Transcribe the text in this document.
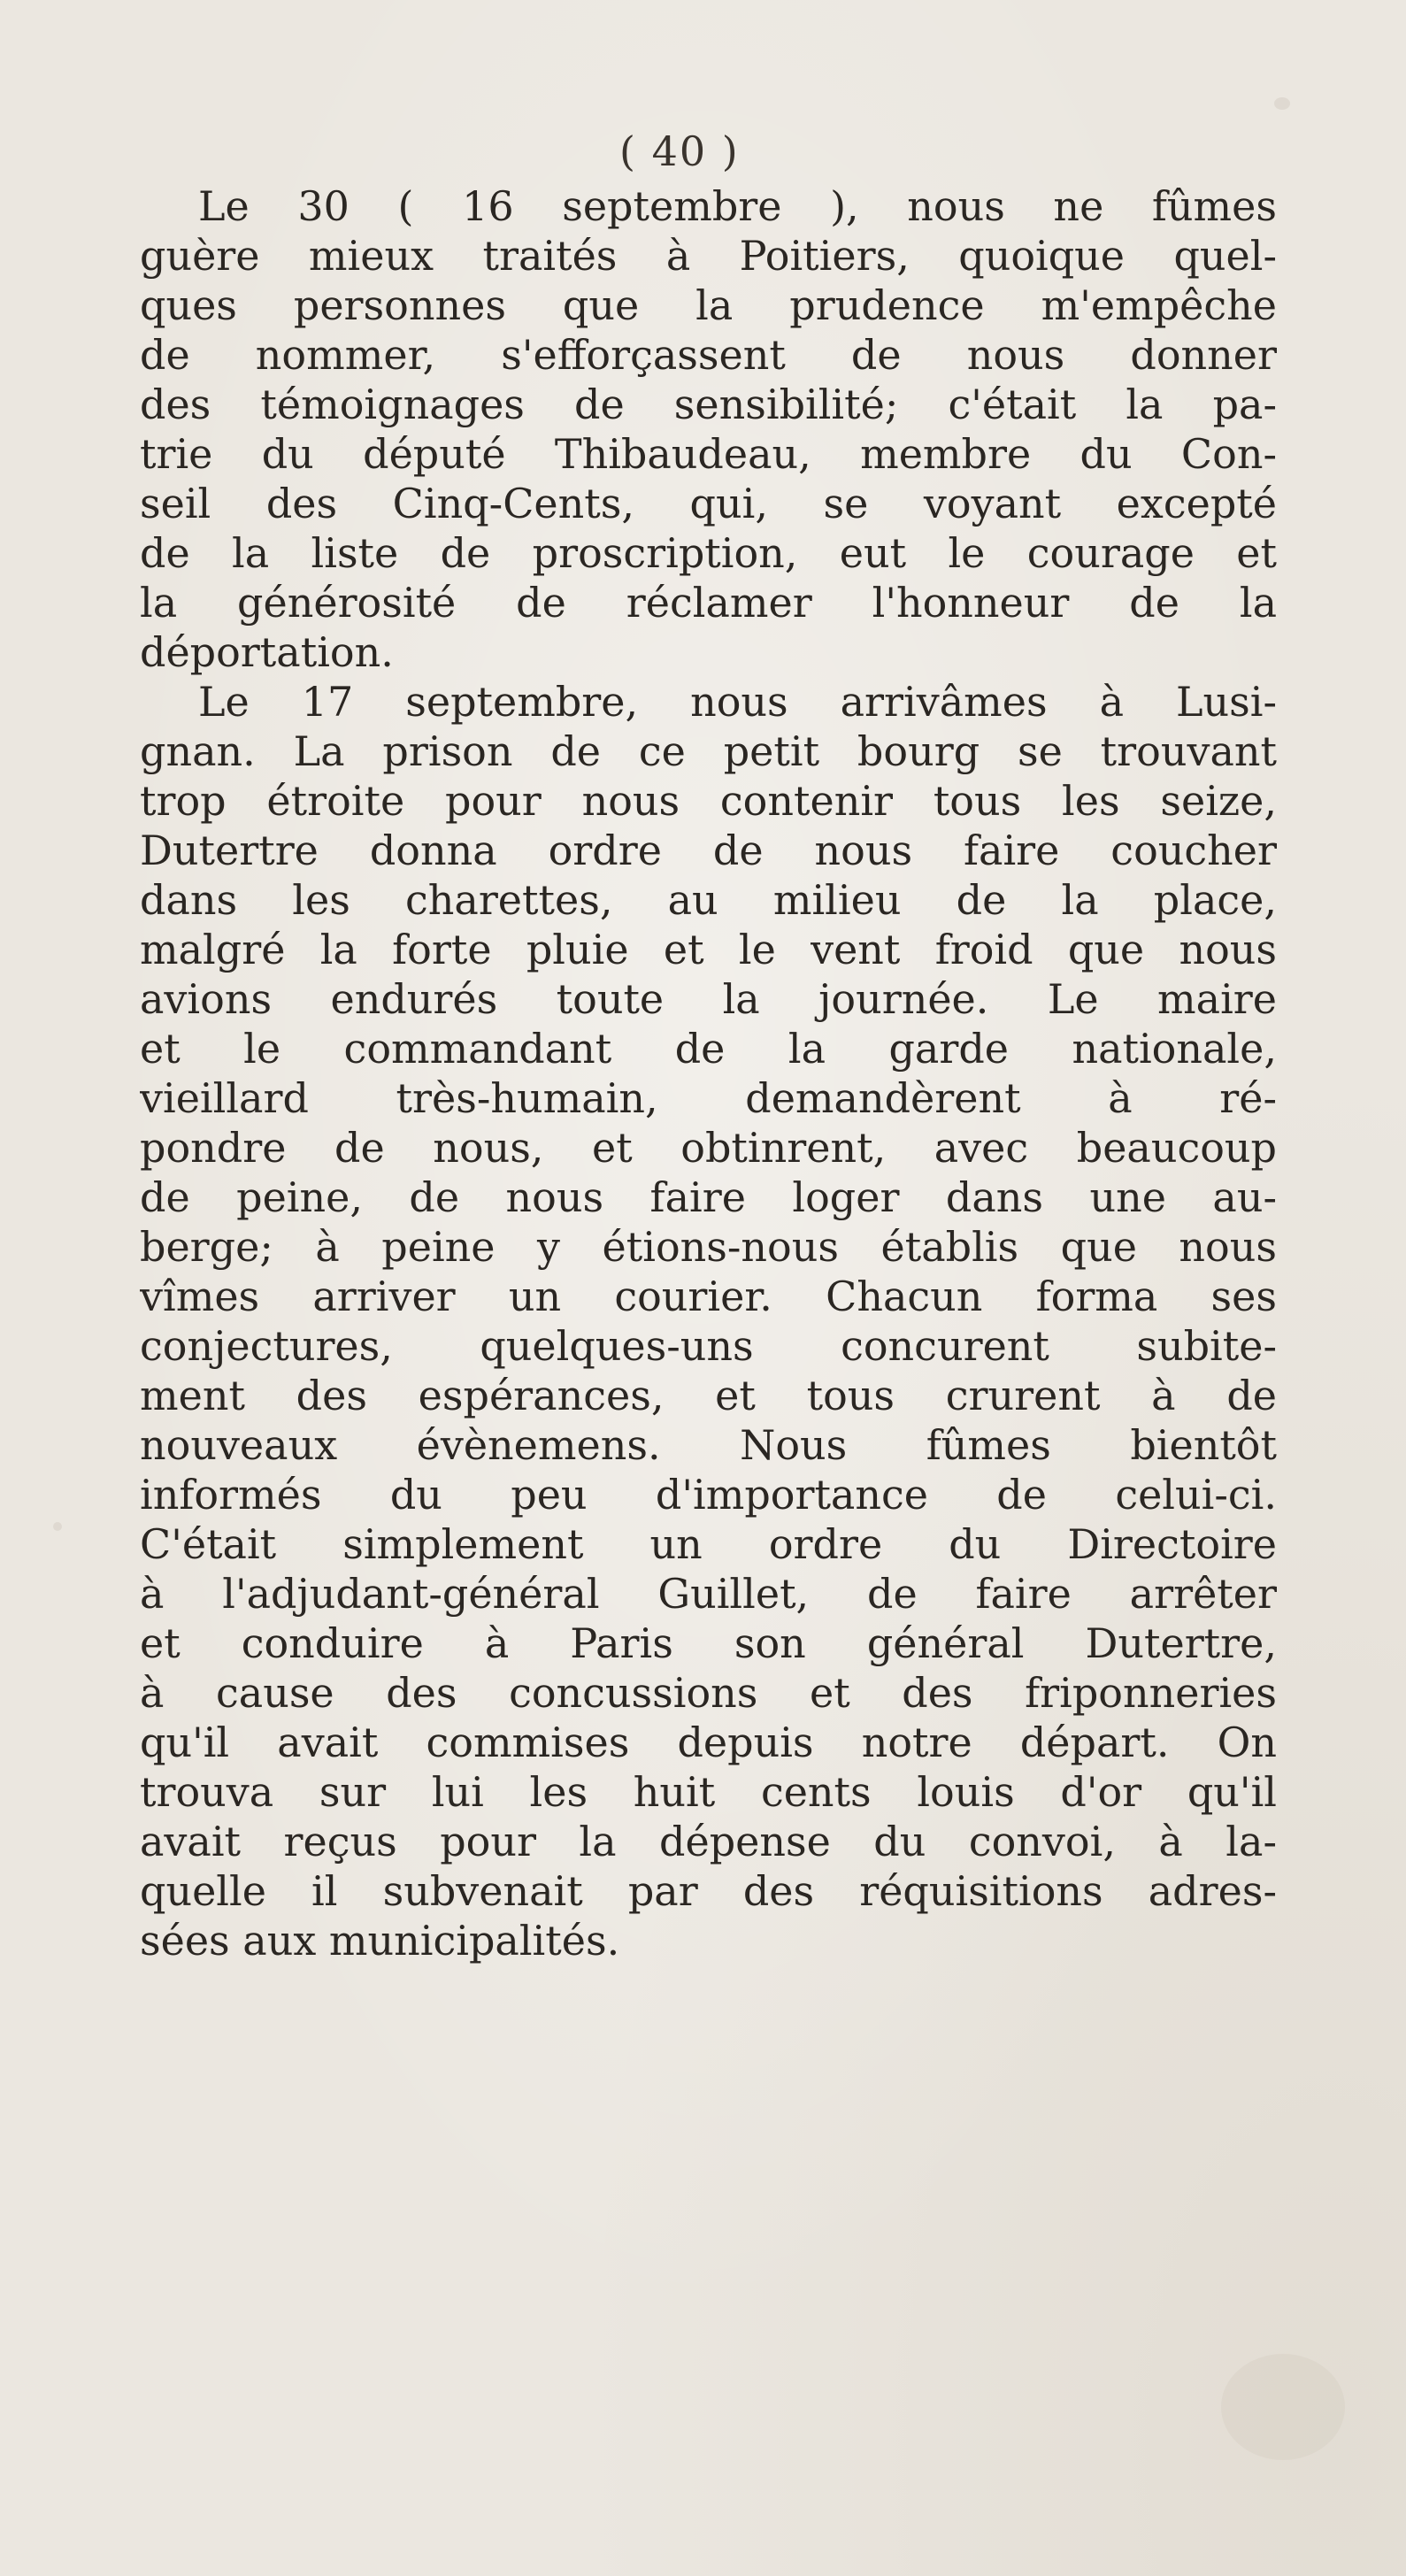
( 40 )
Le 30 ( 16 septembre ), nous ne fûmes
guère mieux traités à Poitiers, quoique quel-
ques personnes que la prudence m'empêche
de nommer, s'efforçassent de nous donner
des témoignages de sensibilité; c'était la pa-
trie du député Thibaudeau, membre du Con-
seil des Cinq-Cents, qui, se voyant excepté
de la liste de proscription, eut le courage et
la générosité de réclamer l'honneur de la
déportation.
Le 17 septembre, nous arrivâmes à Lusi-
gnan. La prison de ce petit bourg se trouvant
trop étroite pour nous contenir tous les seize,
Dutertre donna ordre de nous faire coucher
dans les charettes, au milieu de la place,
malgré la forte pluie et le vent froid que nous
avions endurés toute la journée. Le maire
et le commandant de la garde nationale,
vieillard très-humain, demandèrent à ré-
pondre de nous, et obtinrent, avec beaucoup
de peine, de nous faire loger dans une au-
berge; à peine y étions-nous établis que nous
vîmes arriver un courier. Chacun forma ses
conjectures, quelques-uns concurent subite-
ment des espérances, et tous crurent à de
nouveaux évènemens. Nous fûmes bientôt
informés du peu d'importance de celui-ci.
C'était simplement un ordre du Directoire
à l'adjudant-général Guillet, de faire arrêter
et conduire à Paris son général Dutertre,
à cause des concussions et des friponneries
qu'il avait commises depuis notre départ. On
trouva sur lui les huit cents louis d'or qu'il
avait reçus pour la dépense du convoi, à la-
quelle il subvenait par des réquisitions adres-
sées aux municipalités.
